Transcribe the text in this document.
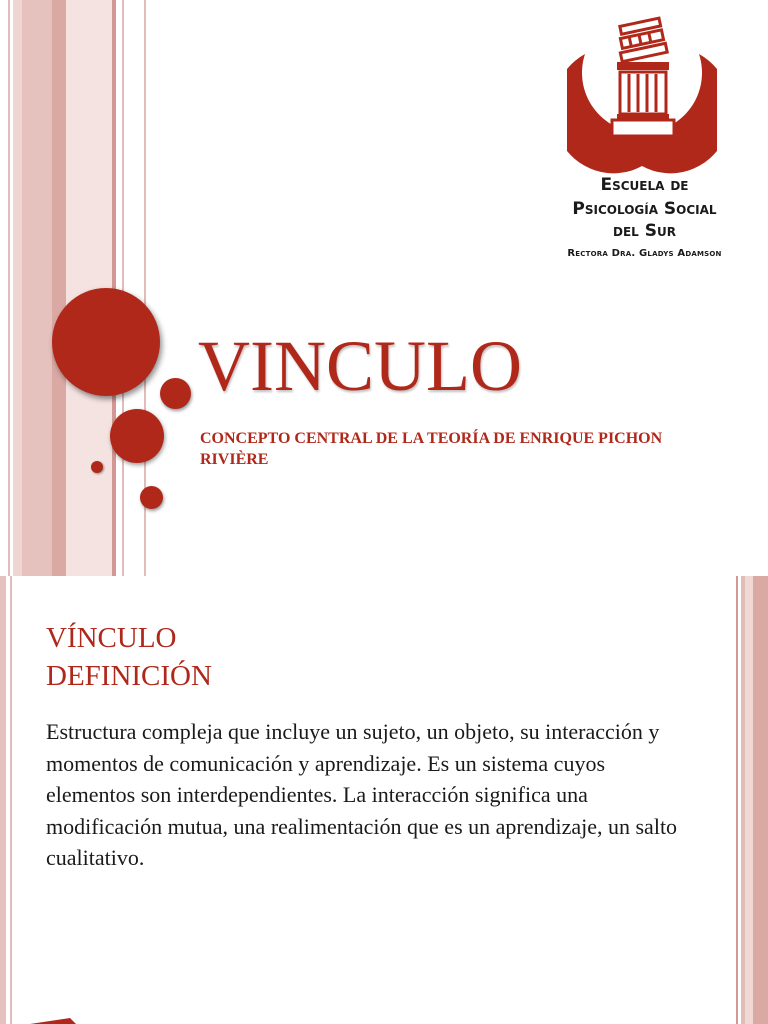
Escuela de
Psicología Social
del Sur
Rectora Dra. Gladys Adamson
VINCULO
CONCEPTO CENTRAL DE LA TEORÍA DE ENRIQUE PICHON RIVIÈRE
VÍNCULO
DEFINICIÓN
Estructura compleja que incluye un sujeto, un objeto, su interacción y momentos de comunicación y aprendizaje. Es un sistema cuyos elementos son interdependientes. La interacción significa una modificación mutua, una realimentación que es un aprendizaje, un salto cualitativo.
